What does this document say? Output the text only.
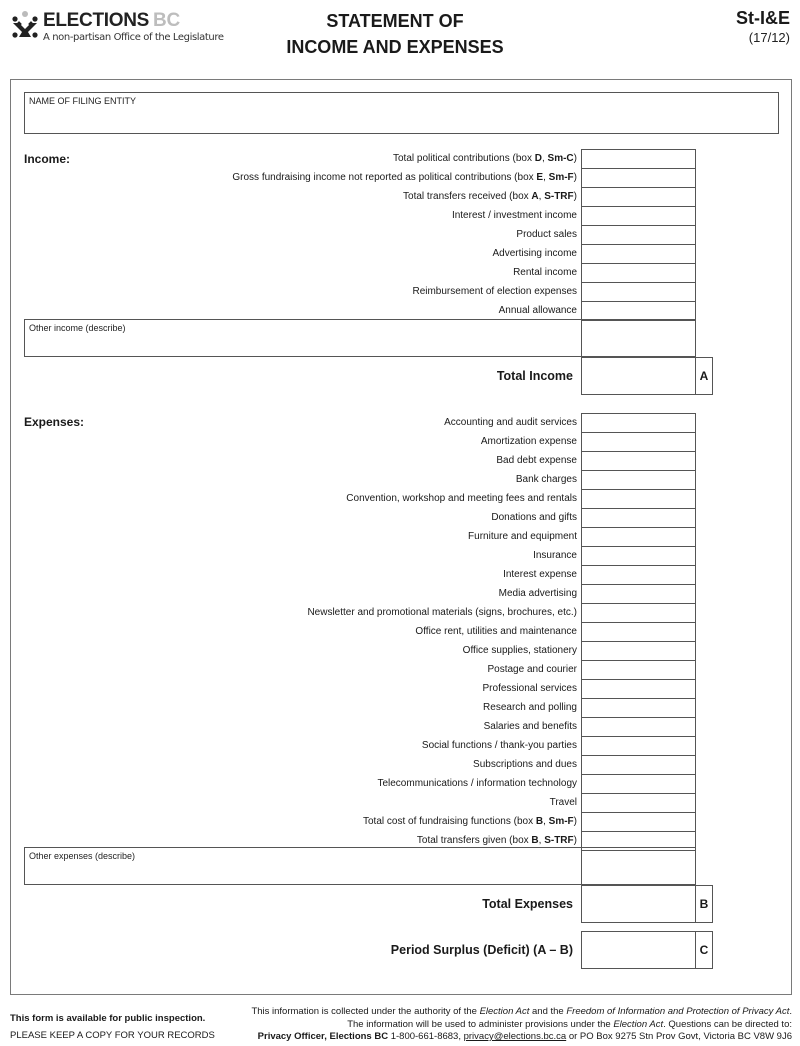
ELECTIONS BC
A non-partisan Office of the Legislature
STATEMENT OF
INCOME AND EXPENSES
St-I&E
(17/12)
NAME OF FILING ENTITY
Income:	Total political contributions (box D, Sm-C)
Gross fundraising income not reported as political contributions (box E, Sm-F)
Total transfers received (box A, S-TRF)
Interest / investment income
Product sales
Advertising income
Rental income
Reimbursement of election expenses
Annual allowance
Other income (describe)
Total Income	A
Expenses:	Accounting and audit services
Amortization expense
Bad debt expense
Bank charges
Convention, workshop and meeting fees and rentals
Donations and gifts
Furniture and equipment
Insurance
Interest expense
Media advertising
Newsletter and promotional materials (signs, brochures, etc.)
Office rent, utilities and maintenance
Office supplies, stationery
Postage and courier
Professional services
Research and polling
Salaries and benefits
Social functions / thank-you parties
Subscriptions and dues
Telecommunications / information technology
Travel
Total cost of fundraising functions (box B, Sm-F)
Total transfers given (box B, S-TRF)
Other expenses (describe)
Total Expenses	B
Period Surplus (Deficit) (A – B)	C
This form is available for public inspection.
PLEASE KEEP A COPY FOR YOUR RECORDS
This information is collected under the authority of the Election Act and the Freedom of Information and Protection of Privacy Act.
The information will be used to administer provisions under the Election Act. Questions can be directed to:
Privacy Officer, Elections BC 1-800-661-8683, privacy@elections.bc.ca or PO Box 9275 Stn Prov Govt, Victoria BC V8W 9J6
